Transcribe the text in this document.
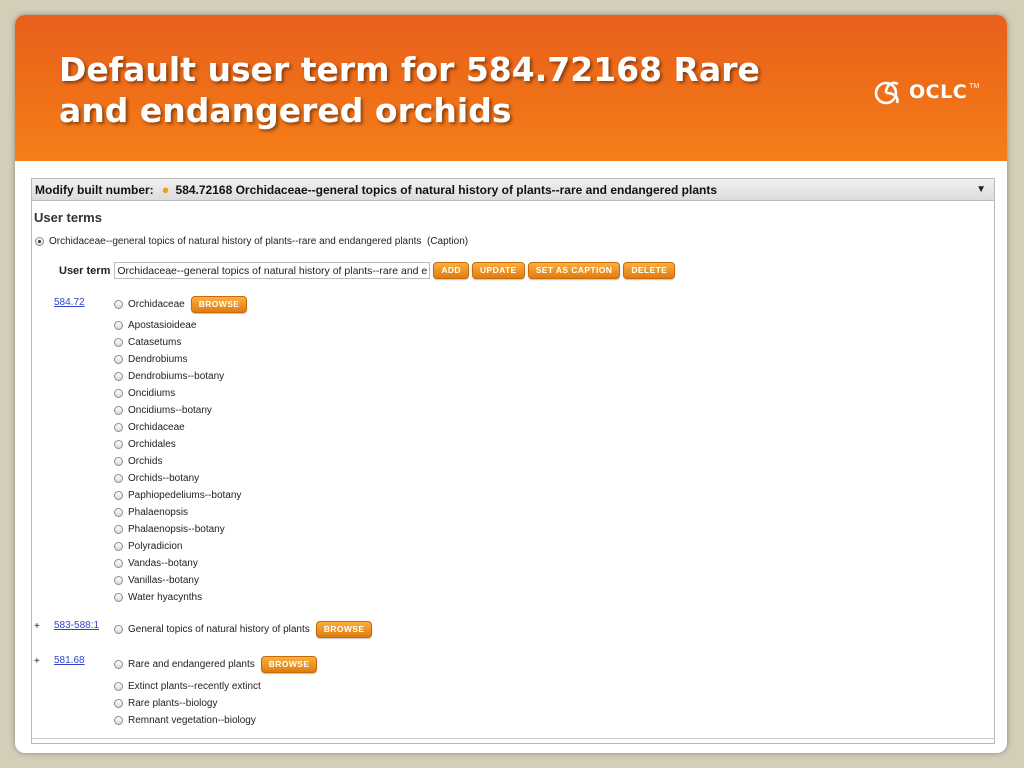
Default user term for 584.72168 Rare and endangered orchids	OCLC TM
Modify built number: ● 584.72168 Orchidaceae--general topics of natural history of plants--rare and endangered plants	▼
User terms
Orchidaceae--general topics of natural history of plants--rare and endangered plants  (Caption)
User term
Orchidaceae--general topics of natural history of plants--rare and endangered plants	ADD	UPDATE	SET AS CAPTION	DELETE
584.72	Orchidaceae	BROWSE
Apostasioideae
Catasetums
Dendrobiums
Dendrobiums--botany
Oncidiums
Oncidiums--botany
Orchidaceae
Orchidales
Orchids
Orchids--botany
Paphiopedeliums--botany
Phalaenopsis
Phalaenopsis--botany
Polyradicion
Vandas--botany
Vanillas--botany
Water hyacynths
+ 583-588:1	General topics of natural history of plants	BROWSE
+ 581.68	Rare and endangered plants	BROWSE
Extinct plants--recently extinct
Rare plants--biology
Remnant vegetation--biology
